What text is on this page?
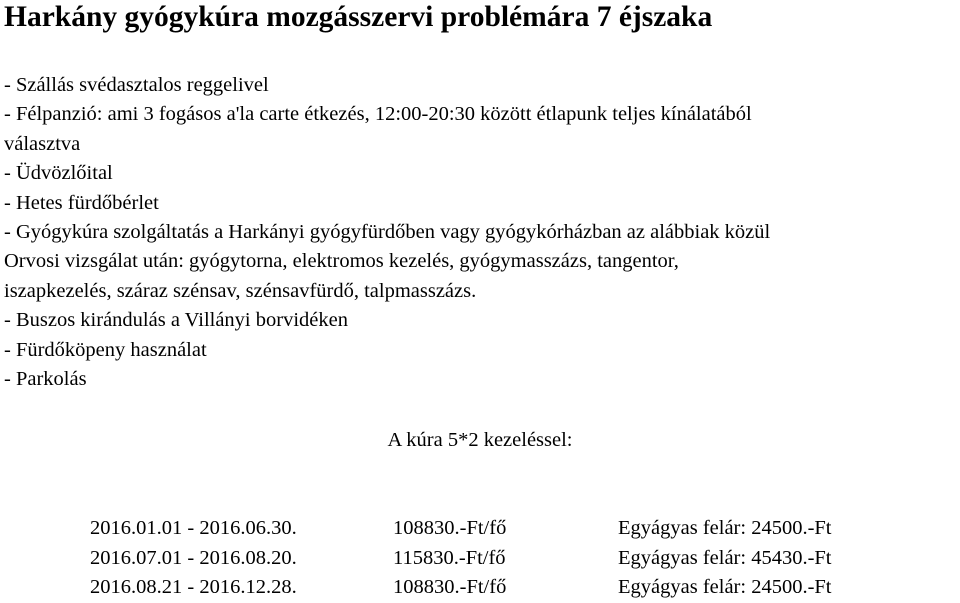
Harkány gyógykúra mozgásszervi problémára 7 éjszaka
- Szállás svédasztalos reggelivel
- Félpanzió: ami 3 fogásos a'la carte étkezés, 12:00-20:30 között étlapunk teljes kínálatából
választva
- Üdvözlőital
- Hetes fürdőbérlet
- Gyógykúra szolgáltatás a Harkányi gyógyfürdőben vagy gyógykórházban az alábbiak közül
Orvosi vizsgálat után: gyógytorna, elektromos kezelés, gyógymasszázs, tangentor,
iszapkezelés, száraz szénsav, szénsavfürdő, talpmasszázs.
- Buszos kirándulás a Villányi borvidéken
- Fürdőköpeny használat
- Parkolás
A kúra 5*2 kezeléssel:
2016.01.01 - 2016.06.30.	108830.-Ft/fő	Egyágyas felár: 24500.-Ft
2016.07.01 - 2016.08.20.	115830.-Ft/fő	Egyágyas felár: 45430.-Ft
2016.08.21 - 2016.12.28.	108830.-Ft/fő	Egyágyas felár: 24500.-Ft
